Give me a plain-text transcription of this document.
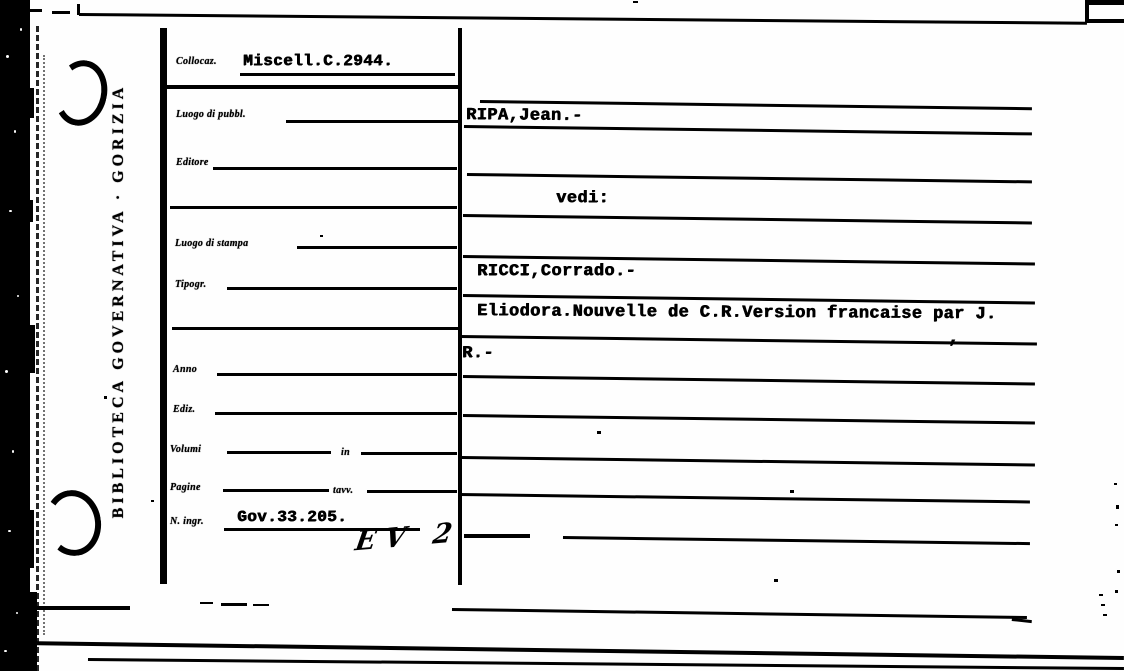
BIBLIOTECA GOVERNATIVA · GORIZIA
Collocaz.
Luogo di pubbl.
Editore
Luogo di stampa
Tipogr.
Anno
Ediz.
Volumi	in
Pagine	tavv.
N. ingr.
Miscell.C.2944.
Gov.33.205. EV 2
RIPA,Jean.-
vedi:
RICCI,Corrado.-
Eliodora.Nouvelle de C.R.Version francaise par J.
,
R.-
